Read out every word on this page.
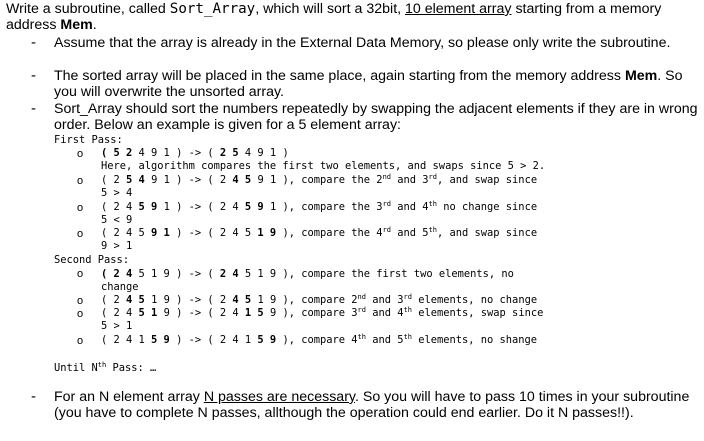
Write a subroutine, called Sort_Array, which will sort a 32bit, 10 element array starting from a memory address Mem.
- Assume that the array is already in the External Data Memory, so please only write the subroutine.
- The sorted array will be placed in the same place, again starting from the memory address Mem. So you will overwrite the unsorted array.
- Sort_Array should sort the numbers repeatedly by swapping the adjacent elements if they are in wrong order. Below an example is given for a 5 element array:
First Pass:
o ( 5 2 4 9 1 ) -> ( 2 5 4 9 1 )
Here, algorithm compares the first two elements, and swaps since 5 > 2.
o ( 2 5 4 9 1 ) -> ( 2 4 5 9 1 ), compare the 2nd and 3rd, and swap since
5 > 4
o ( 2 4 5 9 1 ) -> ( 2 4 5 9 1 ), compare the 3rd and 4th no change since
5 < 9
o ( 2 4 5 9 1 ) -> ( 2 4 5 1 9 ), compare the 4rd and 5th, and swap since
9 > 1
Second Pass:
o ( 2 4 5 1 9 ) -> ( 2 4 5 1 9 ), compare the first two elements, no
change
o ( 2 4 5 1 9 ) -> ( 2 4 5 1 9 ), compare 2nd and 3rd elements, no change
o ( 2 4 5 1 9 ) -> ( 2 4 1 5 9 ), compare 3rd and 4th elements, swap since
5 > 1
o ( 2 4 1 5 9 ) -> ( 2 4 1 5 9 ), compare 4th and 5th elements, no shange
Until $N^{th}$ Pass: …
- For an N element array N passes are necessary. So you will have to pass 10 times in your subroutine (you have to complete N passes, allthough the operation could end earlier. Do it N passes!!).
